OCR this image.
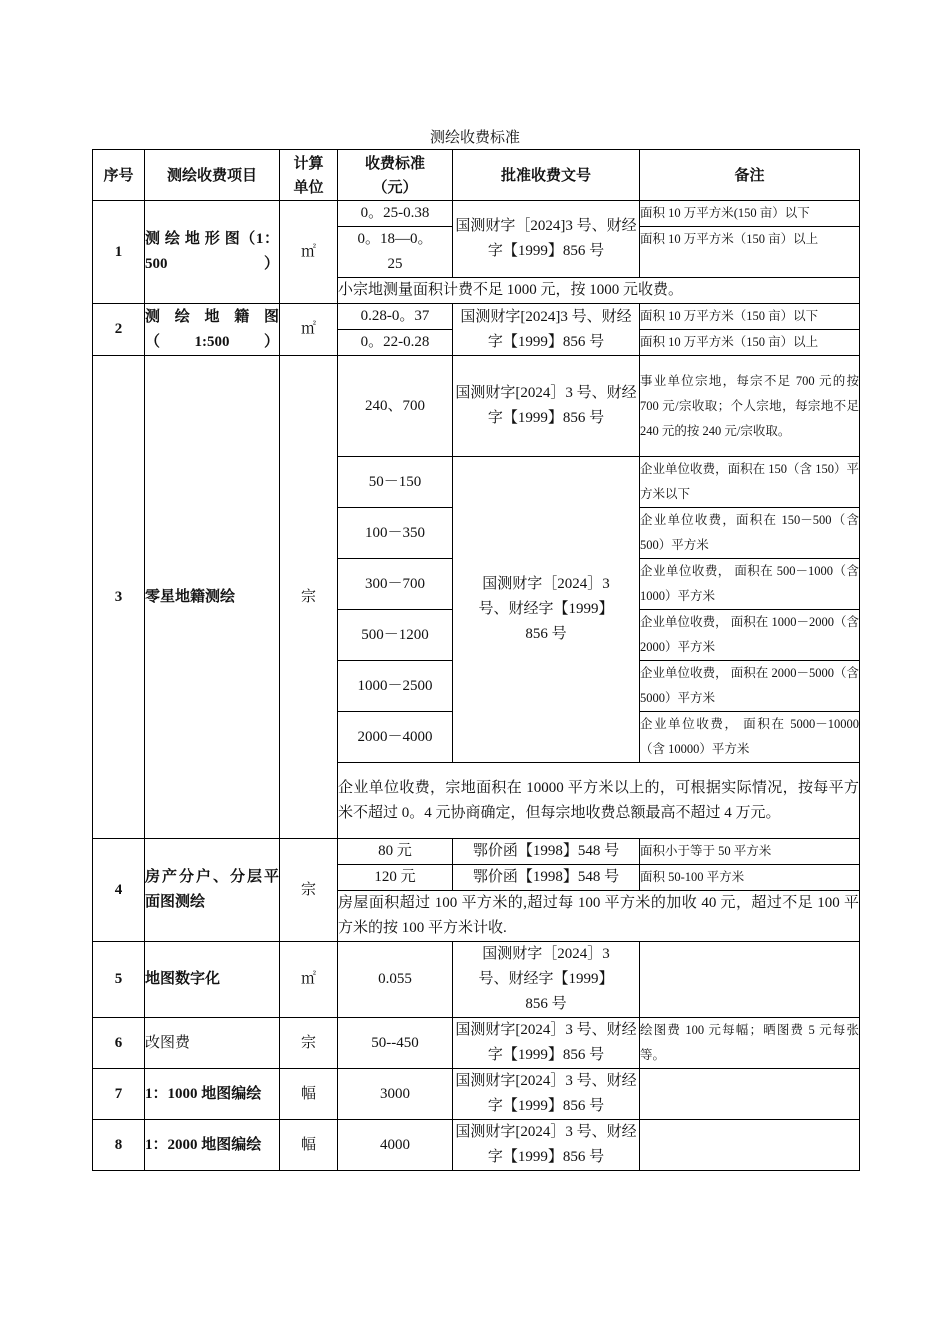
测绘收费标准
序号	测绘收费项目	计算单位	收费标准（元）	批准收费文号	备注
1	测 绘 地 形 图（1：500）	㎡	0。25-0.38	国测财字［2024]3 号、财经字【1999】856 号	面积 10 万平方米(150 亩）以下
			0。18—0。25		面积 10 万平方米（150 亩）以上
			小宗地测量面积计费不足 1000 元，按 1000 元收费。		
2	测 绘 地 籍 图（1:500）	㎡	0.28-0。37	国测财字[2024]3 号、财经字【1999】856 号	面积 10 万平方米（150 亩）以下
			0。22-0.28		面积 10 万平方米（150 亩）以上
3	零星地籍测绘	宗	240、700	国测财字[2024］3 号、财经字【1999】856 号	事业单位宗地，每宗不足 700 元的按 700 元/宗收取；个人宗地，每宗地不足 240 元的按 240 元/宗收取。
			50－150	国测财字［2024］3 号、财经字【1999】856 号	企业单位收费，面积在 150（含 150）平方米以下
			100－350		企业单位收费，面积在 150－500（含 500）平方米
			300－700		企业单位收费， 面积在 500－1000（含 1000）平方米
			500－1200		企业单位收费， 面积在 1000－2000（含 2000）平方米
			1000－2500		企业单位收费， 面积在 2000－5000（含 5000）平方米
			2000－4000		企业单位收费， 面积在 5000－10000（含 10000）平方米
			企业单位收费，宗地面积在 10000 平方米以上的，可根据实际情况，按每平方米不超过 0。4 元协商确定，但每宗地收费总额最高不超过 4 万元。		
4	房产分户、分层平面图测绘	宗	80 元	鄂价函【1998】548 号	面积小于等于 50 平方米
			120 元	鄂价函【1998】548 号	面积 50-100 平方米
			房屋面积超过 100 平方米的,超过每 100 平方米的加收 40 元，超过不足 100 平方米的按 100 平方米计收.		
5	地图数字化	㎡	0.055	国测财字［2024］3 号、财经字【1999】856 号	
6	改图费	宗	50--450	国测财字[2024］3 号、财经字【1999】856 号	绘图费 100 元每幅；晒图费 5 元每张等。
7	1：1000 地图编绘	幅	3000	国测财字[2024］3 号、财经字【1999】856 号	
8	1：2000 地图编绘	幅	4000	国测财字[2024］3 号、财经字【1999】856 号	
